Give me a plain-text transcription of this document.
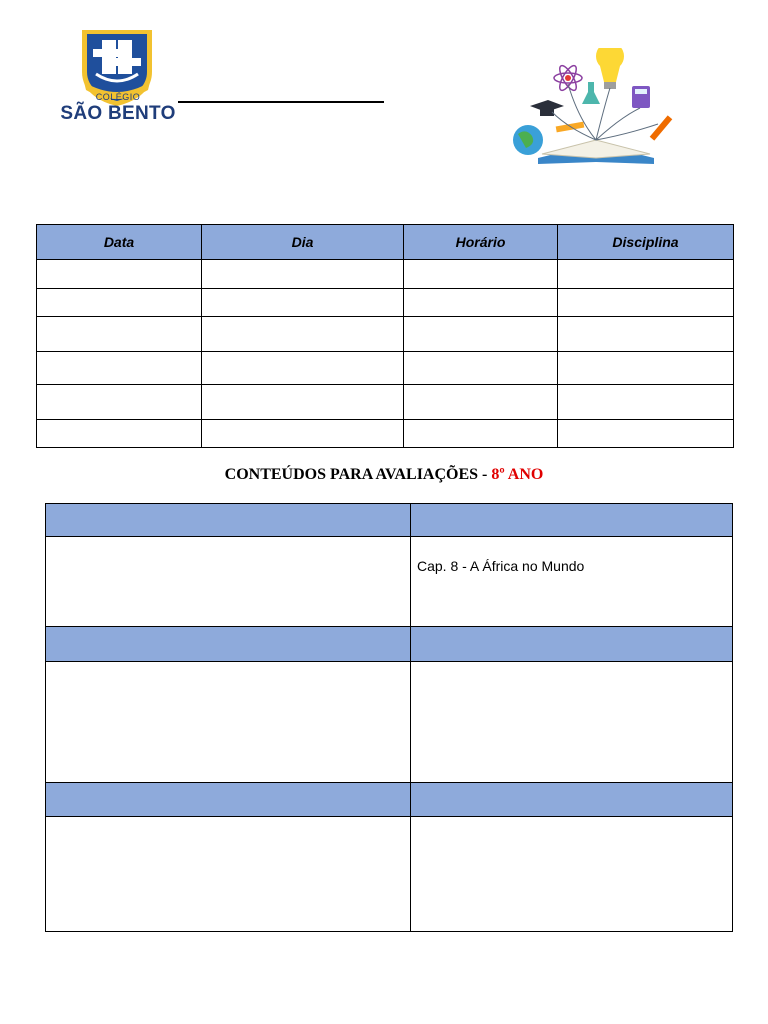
COLÉGIO
SÃO BENTO
Data	Dia	Horário	Disciplina

CONTEÚDOS PARA AVALIAÇÕES - 8º ANO

	Cap. 8 - A África no Mundo
